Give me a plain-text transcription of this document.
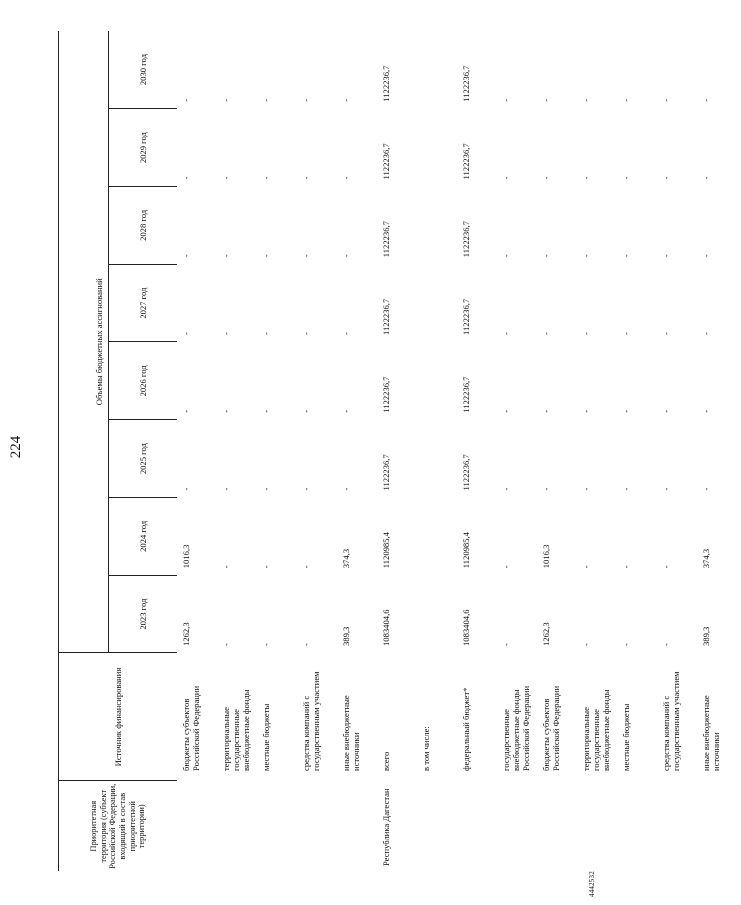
224
Приоритетная территория (субъект Российской Федерации, входящий в состав приоритетной территории)	Источник финансирования	Объемы бюджетных ассигнований							
		2023 год	2024 год	2025 год	2026 год	2027 год	2028 год	2029 год	2030 год
	бюджеты субъектов Российской Федерации	1262,3	1016,3	-	-	-	-	-	-
	территориальные государственные внебюджетные фонды	-	-	-	-	-	-	-	-
	местные бюджеты	-	-	-	-	-	-	-	-
	средства компаний с государственным участием	-	-	-	-	-	-	-	-
	иные внебюджетные источники	389,3	374,3	-	-	-	-	-	-
Республика Дагестан	всего	1083404,6	1120985,4	1122236,7	1122236,7	1122236,7	1122236,7	1122236,7	1122236,7
	в том числе:								
	федеральный бюджет*	1083404,6	1120985,4	1122236,7	1122236,7	1122236,7	1122236,7	1122236,7	1122236,7
	государственные внебюджетные фонды Российской Федерации	-	-	-	-	-	-	-	-
	бюджеты субъектов Российской Федерации	1262,3	1016,3	-	-	-	-	-	-
	территориальные государственные внебюджетные фонды	-	-	-	-	-	-	-	-
	местные бюджеты	-	-	-	-	-	-	-	-
	средства компаний с государственным участием	-	-	-	-	-	-	-	-
	иные внебюджетные источники	389,3	374,3	-	-	-	-	-	-
4442532
